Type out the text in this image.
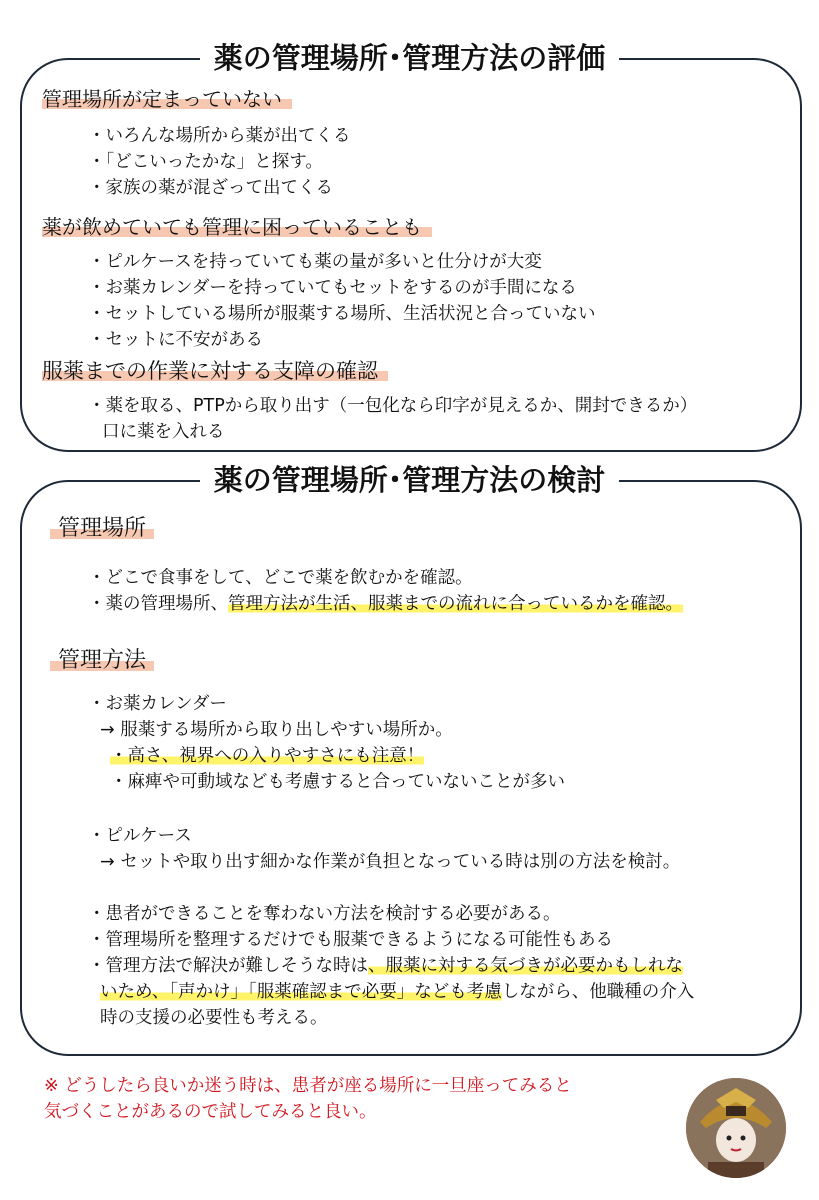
薬の管理場所･管理方法の評価
管理場所が定まっていない
・いろんな場所から薬が出てくる
・「どこいったかな」と探す。
・家族の薬が混ざって出てくる
薬が飲めていても管理に困っていることも
・ピルケースを持っていても薬の量が多いと仕分けが大変
・お薬カレンダーを持っていてもセットをするのが手間になる
・セットしている場所が服薬する場所、生活状況と合っていない
・セットに不安がある
服薬までの作業に対する支障の確認
・薬を取る、PTPから取り出す（一包化なら印字が見えるか、開封できるか）
口に薬を入れる
薬の管理場所･管理方法の検討
管理場所
・どこで食事をして、どこで薬を飲むかを確認。
・薬の管理場所、管理方法が生活、服薬までの流れに合っているかを確認。
管理方法
・お薬カレンダー
→ 服薬する場所から取り出しやすい場所か。
・高さ、視界への入りやすさにも注意！
・麻痺や可動域なども考慮すると合っていないことが多い
・ピルケース
→ セットや取り出す細かな作業が負担となっている時は別の方法を検討。
・患者ができることを奪わない方法を検討する必要がある。
・管理場所を整理するだけでも服薬できるようになる可能性もある
・管理方法で解決が難しそうな時は、服薬に対する気づきが必要かもしれな
いため、「声かけ」「服薬確認まで必要」なども考慮しながら、他職種の介入
時の支援の必要性も考える。
※ どうしたら良いか迷う時は、患者が座る場所に一旦座ってみると
気づくことがあるので試してみると良い。
